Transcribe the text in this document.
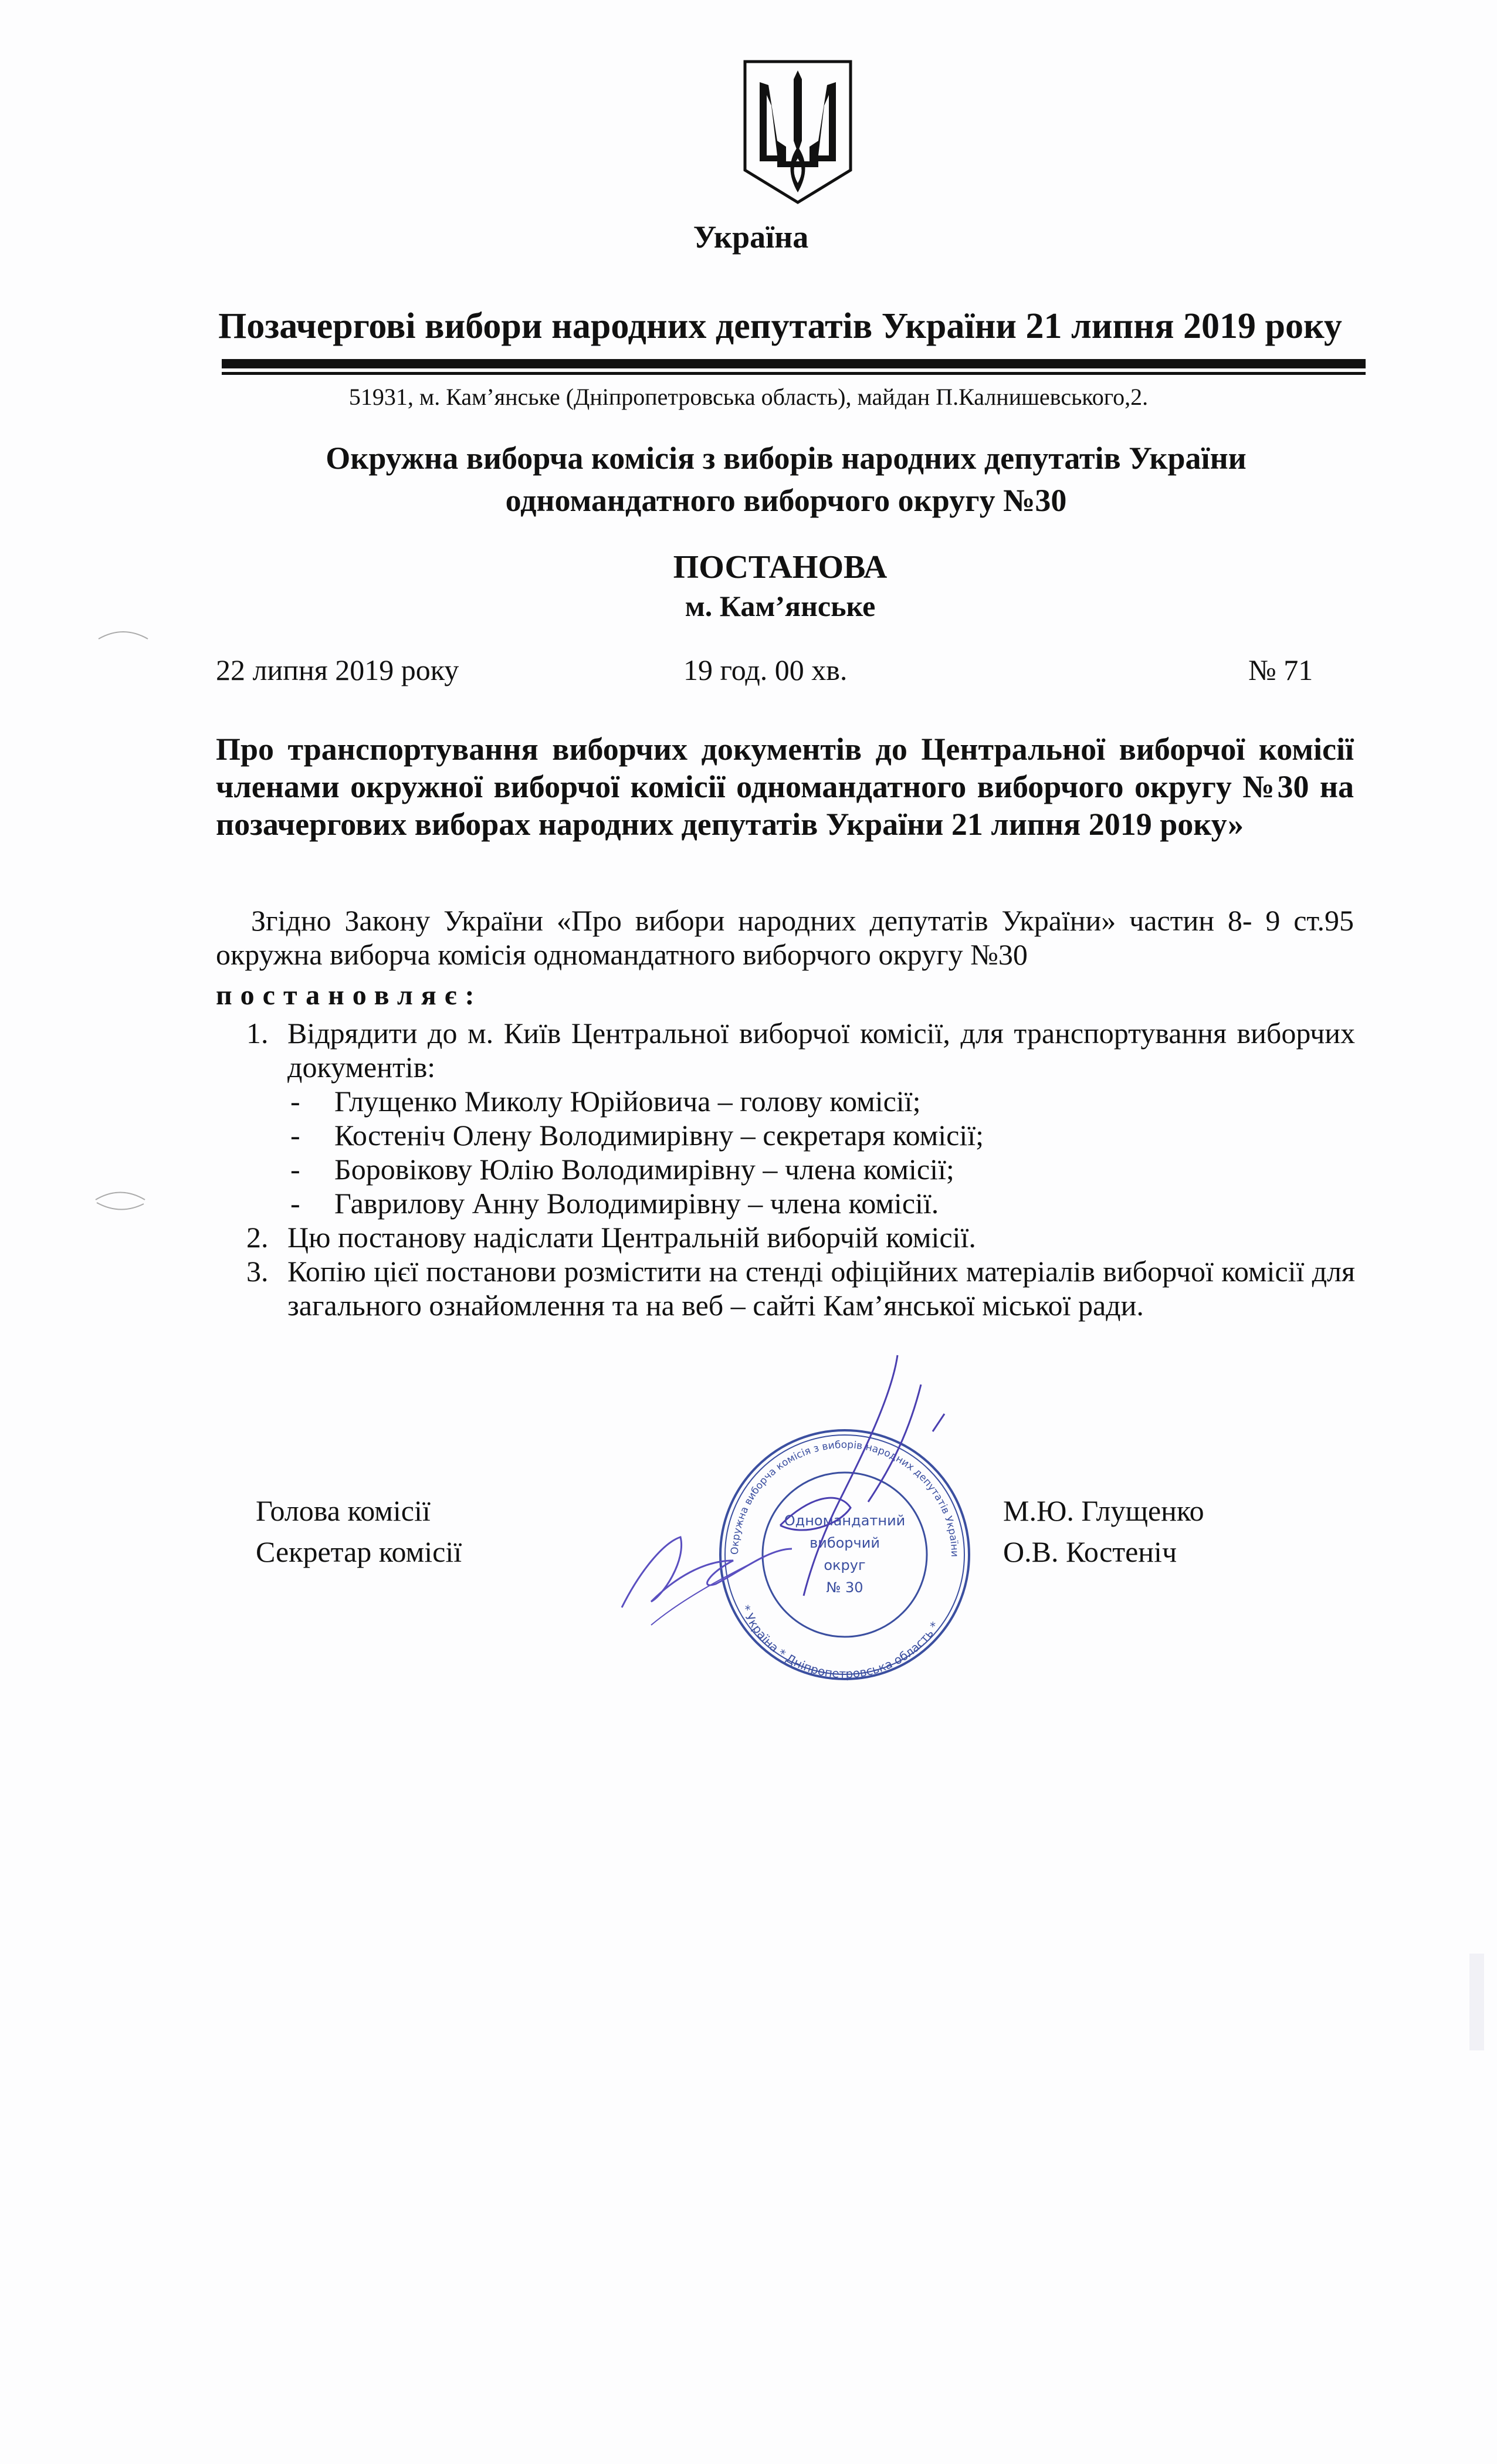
Україна
Позачергові вибори народних депутатів України 21 липня 2019 року
51931, м. Кам’янське (Дніпропетровська область), майдан П.Калнишевського,2.
Окружна виборча комісія з виборів народних депутатів України
одномандатного виборчого округу №30
ПОСТАНОВА
м. Кам’янське
22 липня 2019 року	19 год. 00 хв.	№ 71
Про транспортування виборчих документів до Центральної виборчої комісії членами окружної виборчої комісії одномандатного виборчого округу №30 на позачергових виборах народних депутатів України 21 липня 2019 року»
Згідно Закону України «Про вибори народних депутатів України» частин 8- 9 ст.95 окружна виборча комісія одномандатного виборчого округу №30
постановляє:
1. Відрядити до м. Київ Центральної виборчої комісії, для транспортування виборчих документів:
- Глущенко Миколу Юрійовича – голову комісії;
- Костеніч Олену Володимирівну – секретаря комісії;
- Боровікову Юлію Володимирівну – члена комісії;
- Гаврилову Анну Володимирівну – члена комісії.
2. Цю постанову надіслати Центральній виборчій комісії.
3. Копію цієї постанови розмістити на стенді офіційних матеріалів виборчої комісії для загального ознайомлення та на веб – сайті Кам’янської міської ради.
Голова комісії
Секретар комісії
М.Ю. Глущенко
О.В. Костеніч
Окружна виборча комісія з виборів народних депутатів України
* Україна * Дніпропетровська область *
Одномандатний
виборчий
округ
№ 30
